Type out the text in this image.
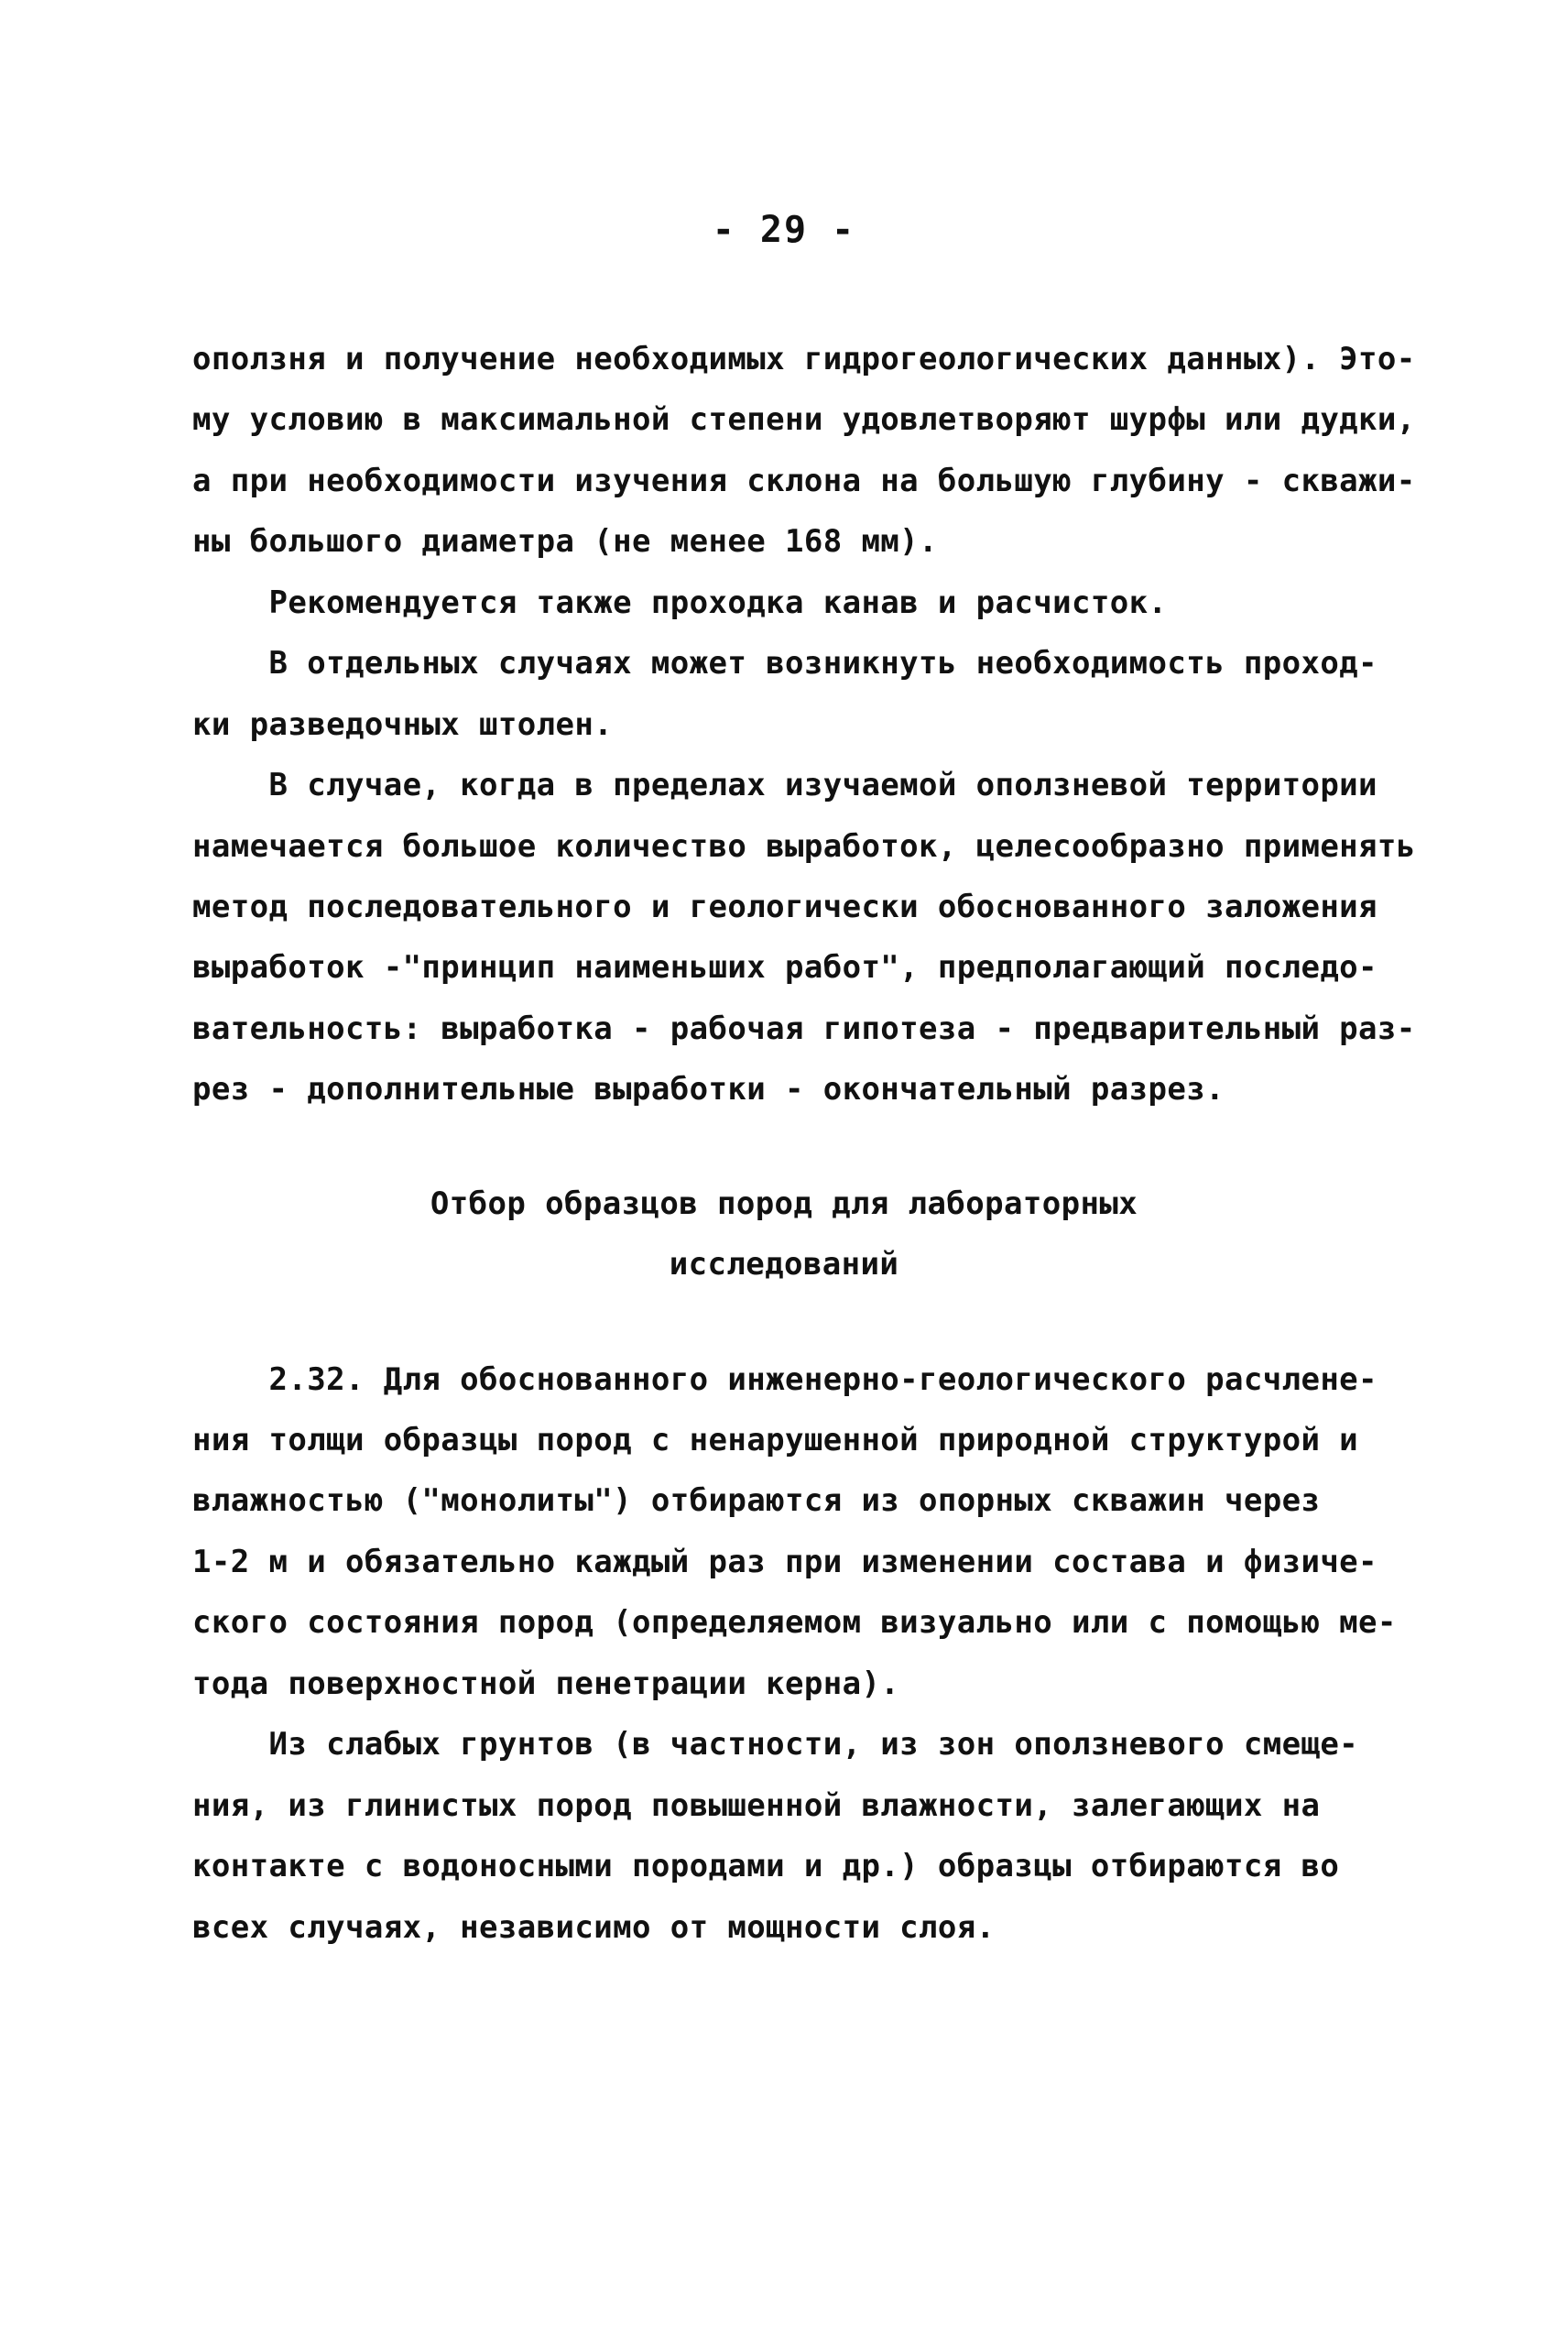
- 29 -
оползня и получение необходимых гидрогеологических данных). Это-
му условию в максимальной степени удовлетворяют шурфы или дудки,
а при необходимости изучения склона на большую глубину - скважи-
ны большого диаметра (не менее 168 мм).
Рекомендуется также проходка канав и расчисток.
В отдельных случаях может возникнуть необходимость проход-
ки разведочных штолен.
В случае, когда в пределах изучаемой оползневой территории
намечается большое количество выработок, целесообразно применять
метод последовательного и геологически обоснованного заложения
выработок -"принцип наименьших работ", предполагающий последо-
вательность: выработка - рабочая гипотеза - предварительный раз-
рез - дополнительные выработки - окончательный разрез.
Отбор образцов пород для лабораторных
исследований
2.32. Для обоснованного инженерно-геологического расчлене-
ния толщи образцы пород с ненарушенной природной структурой и
влажностью ("монолиты") отбираются из опорных скважин через
1-2 м и обязательно каждый раз при изменении состава и физиче-
ского состояния пород (определяемом визуально или с помощью ме-
тода поверхностной пенетрации керна).
Из слабых грунтов (в частности, из зон оползневого смеще-
ния, из глинистых пород повышенной влажности, залегающих на
контакте с водоносными породами и др.) образцы отбираются во
всех случаях, независимо от мощности слоя.
